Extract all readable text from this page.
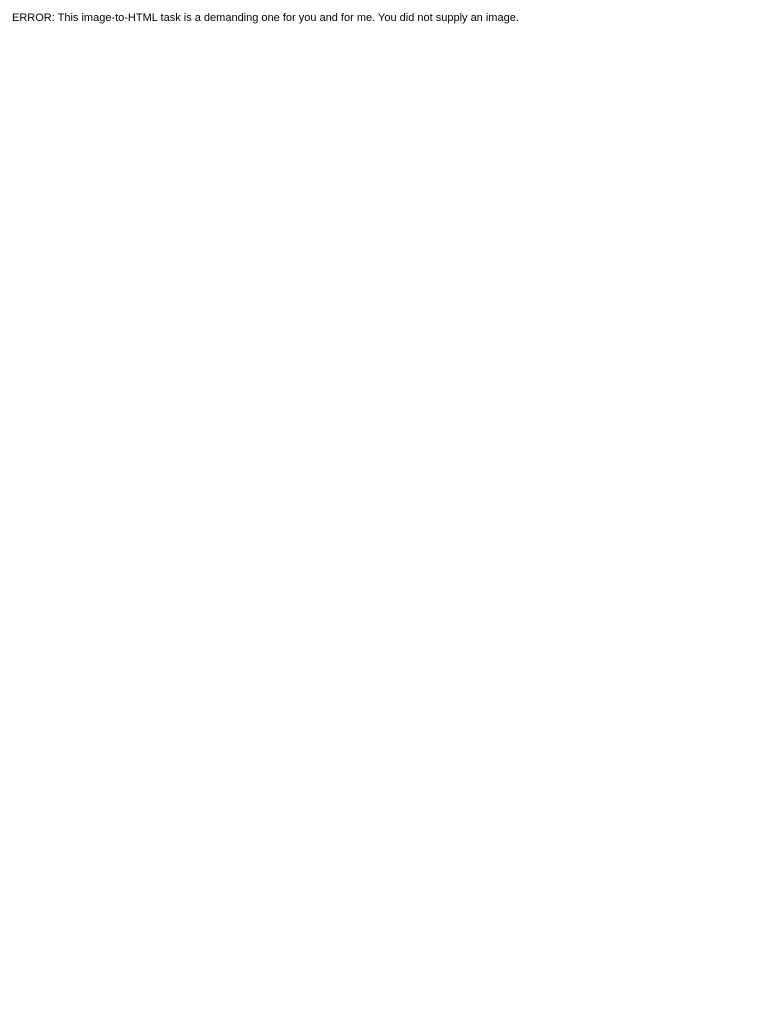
ERROR: This image-to-HTML task is a demanding one for you and for me. You did not supply an image.
